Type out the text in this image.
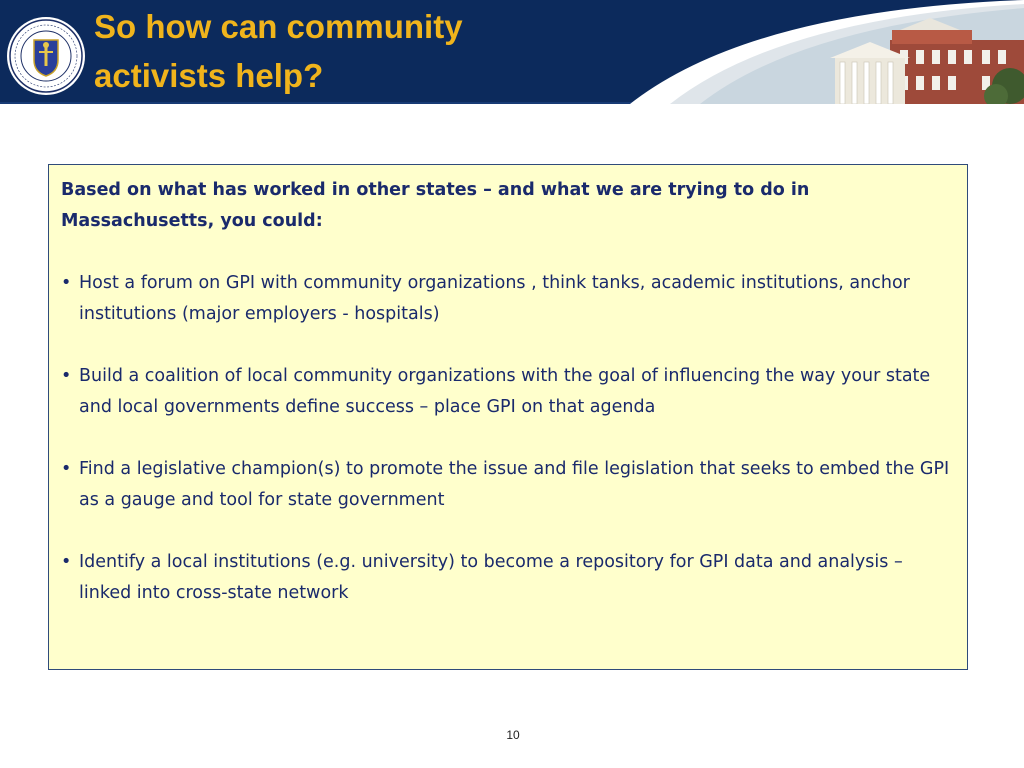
So how can community
activists help?

Based on what has worked in other states – and what we are trying to do in Massachusetts, you could:

• Host a forum on GPI with community organizations , think tanks, academic institutions, anchor institutions (major employers - hospitals)
• Build a coalition of local community organizations with the goal of influencing the way your state and local governments define success – place GPI on that agenda
• Find a legislative champion(s) to promote the issue and file legislation that seeks to embed the GPI as a gauge and tool for state government
• Identify a local institutions (e.g. university) to become a repository for GPI data and analysis – linked into cross-state network
10
